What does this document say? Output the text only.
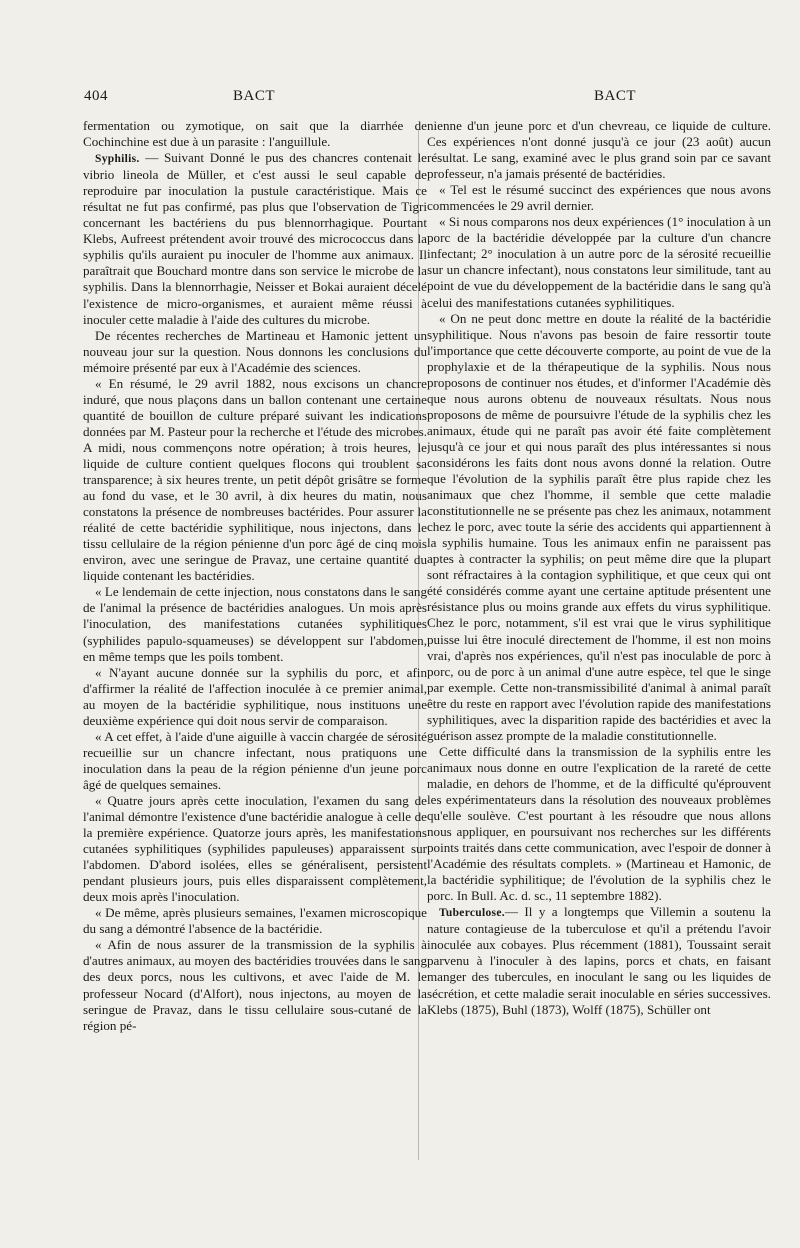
404	BACT	BACT

fermentation ou zymotique, on sait que la diarrhée de Cochinchine est due à un parasite : l'anguillule.

Syphilis. — Suivant Donné le pus des chancres contenait le vibrio lineola de Müller, et c'est aussi le seul capable de reproduire par inoculation la pustule caractéristique. Mais ce résultat ne fut pas confirmé, pas plus que l'observation de Tigri concernant les bactériens du pus blennorrhagique. Pourtant Klebs, Aufreest prétendent avoir trouvé des micrococcus dans la syphilis qu'ils auraient pu inoculer de l'homme aux animaux. Il paraîtrait que Bouchard montre dans son service le microbe de la syphilis. Dans la blennorrhagie, Neisser et Bokai auraient décelé l'existence de micro-organismes, et auraient même réussi à inoculer cette maladie à l'aide des cultures du microbe.

De récentes recherches de Martineau et Hamonic jettent un nouveau jour sur la question. Nous donnons les conclusions du mémoire présenté par eux à l'Académie des sciences.

« En résumé, le 29 avril 1882, nous excisons un chancre induré, que nous plaçons dans un ballon contenant une certaine quantité de bouillon de culture préparé suivant les indications données par M. Pasteur pour la recherche et l'étude des microbes. A midi, nous commençons notre opération; à trois heures, le liquide de culture contient quelques flocons qui troublent sa transparence; à six heures trente, un petit dépôt grisâtre se forme au fond du vase, et le 30 avril, à dix heures du matin, nous constatons la présence de nombreuses bactérides. Pour assurer la réalité de cette bactéridie syphilitique, nous injectons, dans le tissu cellulaire de la région pénienne d'un porc âgé de cinq mois environ, avec une seringue de Pravaz, une certaine quantité du liquide contenant les bactéridies.

« Le lendemain de cette injection, nous constatons dans le sang de l'animal la présence de bactéridies analogues. Un mois après l'inoculation, des manifestations cutanées syphilitiques (syphilides papulo-squameuses) se développent sur l'abdomen, en même temps que les poils tombent.

« N'ayant aucune donnée sur la syphilis du porc, et afin d'affirmer la réalité de l'affection inoculée à ce premier animal, au moyen de la bactéridie syphilitique, nous instituons une deuxième expérience qui doit nous servir de comparaison.

« A cet effet, à l'aide d'une aiguille à vaccin chargée de sérosité recueillie sur un chancre infectant, nous pratiquons une inoculation dans la peau de la région pénienne d'un jeune porc âgé de quelques semaines.

« Quatre jours après cette inoculation, l'examen du sang de l'animal démontre l'existence d'une bactéridie analogue à celle de la première expérience. Quatorze jours après, les manifestations cutanées syphilitiques (syphilides papuleuses) apparaissent sur l'abdomen. D'abord isolées, elles se généralisent, persistent pendant plusieurs jours, puis elles disparaissent complètement, deux mois après l'inoculation.

« De même, après plusieurs semaines, l'examen microscopique du sang a démontré l'absence de la bactéridie.

« Afin de nous assurer de la transmission de la syphilis à d'autres animaux, au moyen des bactéridies trouvées dans le sang des deux porcs, nous les cultivons, et avec l'aide de M. le professeur Nocard (d'Alfort), nous injectons, au moyen de la seringue de Pravaz, dans le tissu cellulaire sous-cutané de la région pé-

nienne d'un jeune porc et d'un chevreau, ce liquide de culture. Ces expériences n'ont donné jusqu'à ce jour (23 août) aucun résultat. Le sang, examiné avec le plus grand soin par ce savant professeur, n'a jamais présenté de bactéridies.

« Tel est le résumé succinct des expériences que nous avons commencées le 29 avril dernier.

« Si nous comparons nos deux expériences (1° inoculation à un porc de la bactéridie développée par la culture d'un chancre infectant; 2° inoculation à un autre porc de la sérosité recueillie sur un chancre infectant), nous constatons leur similitude, tant au point de vue du développement de la bactéridie dans le sang qu'à celui des manifestations cutanées syphilitiques.

« On ne peut donc mettre en doute la réalité de la bactéridie syphilitique. Nous n'avons pas besoin de faire ressortir toute l'importance que cette découverte comporte, au point de vue de la prophylaxie et de la thérapeutique de la syphilis. Nous nous proposons de continuer nos études, et d'informer l'Académie dès que nous aurons obtenu de nouveaux résultats. Nous nous proposons de même de poursuivre l'étude de la syphilis chez les animaux, étude qui ne paraît pas avoir été faite complètement jusqu'à ce jour et qui nous paraît des plus intéressantes si nous considérons les faits dont nous avons donné la relation. Outre que l'évolution de la syphilis paraît être plus rapide chez les animaux que chez l'homme, il semble que cette maladie constitutionnelle ne se présente pas chez les animaux, notamment chez le porc, avec toute la série des accidents qui appartiennent à la syphilis humaine. Tous les animaux enfin ne paraissent pas aptes à contracter la syphilis; on peut même dire que la plupart sont réfractaires à la contagion syphilitique, et que ceux qui ont été considérés comme ayant une certaine aptitude présentent une résistance plus ou moins grande aux effets du virus syphilitique. Chez le porc, notamment, s'il est vrai que le virus syphilitique puisse lui être inoculé directement de l'homme, il est non moins vrai, d'après nos expériences, qu'il n'est pas inoculable de porc à porc, ou de porc à un animal d'une autre espèce, tel que le singe par exemple. Cette non-transmissibilité d'animal à animal paraît être du reste en rapport avec l'évolution rapide des manifestations syphilitiques, avec la disparition rapide des bactéridies et avec la guérison assez prompte de la maladie constitutionnelle.

Cette difficulté dans la transmission de la syphilis entre les animaux nous donne en outre l'explication de la rareté de cette maladie, en dehors de l'homme, et de la difficulté qu'éprouvent les expérimentateurs dans la résolution des nouveaux problèmes qu'elle soulève. C'est pourtant à les résoudre que nous allons nous appliquer, en poursuivant nos recherches sur les différents points traités dans cette communication, avec l'espoir de donner à l'Académie des résultats complets. » (Martineau et Hamonic, de la bactéridie syphilitique; de l'évolution de la syphilis chez le porc. In Bull. Ac. d. sc., 11 septembre 1882).

Tuberculose.— Il y a longtemps que Villemin a soutenu la nature contagieuse de la tuberculose et qu'il a prétendu l'avoir inoculée aux cobayes. Plus récemment (1881), Toussaint serait parvenu à l'inoculer à des lapins, porcs et chats, en faisant manger des tubercules, en inoculant le sang ou les liquides de sécrétion, et cette maladie serait inoculable en séries successives. Klebs (1875), Buhl (1873), Wolff (1875), Schüller ont
